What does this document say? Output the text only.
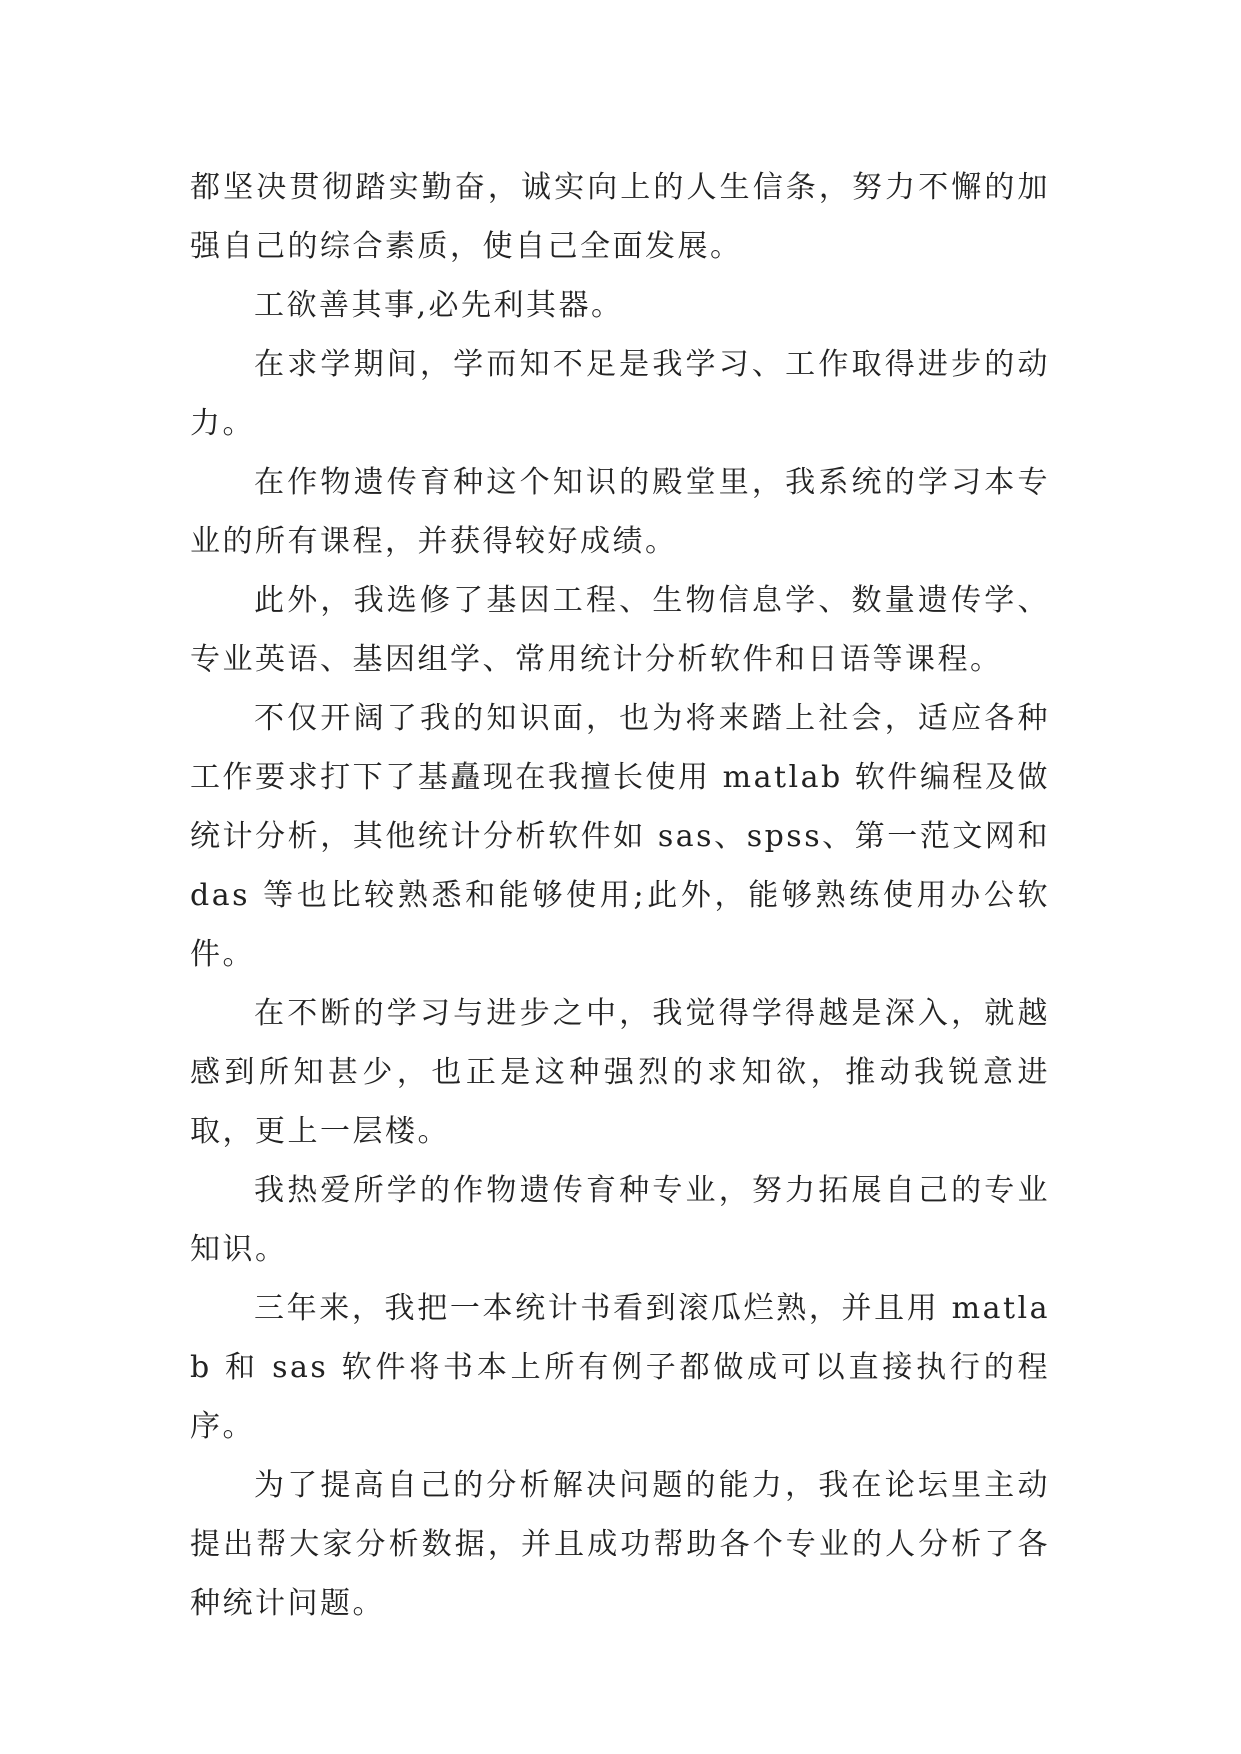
都坚决贯彻踏实勤奋，诚实向上的人生信条，努力不懈的加强自己的综合素质，使自己全面发展。

工欲善其事,必先利其器。

在求学期间，学而知不足是我学习、工作取得进步的动力。

在作物遗传育种这个知识的殿堂里，我系统的学习本专业的所有课程，并获得较好成绩。

此外，我选修了基因工程、生物信息学、数量遗传学、专业英语、基因组学、常用统计分析软件和日语等课程。

不仅开阔了我的知识面，也为将来踏上社会，适应各种工作要求打下了基矗现在我擅长使用 matlab 软件编程及做统计分析，其他统计分析软件如 sas、spss、第一范文网和 das 等也比较熟悉和能够使用;此外，能够熟练使用办公软件。

在不断的学习与进步之中，我觉得学得越是深入，就越感到所知甚少，也正是这种强烈的求知欲，推动我锐意进取，更上一层楼。

我热爱所学的作物遗传育种专业，努力拓展自己的专业知识。

三年来，我把一本统计书看到滚瓜烂熟，并且用 matlab 和 sas 软件将书本上所有例子都做成可以直接执行的程序。

为了提高自己的分析解决问题的能力，我在论坛里主动提出帮大家分析数据，并且成功帮助各个专业的人分析了各种统计问题。
